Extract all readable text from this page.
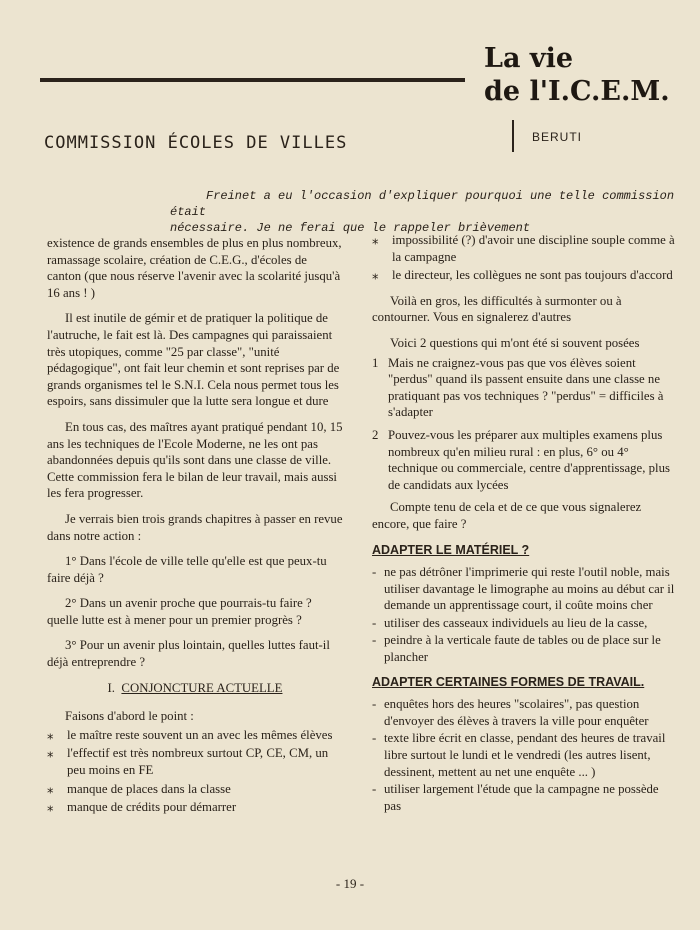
La vie
de l'I.C.E.M.
COMMISSION ÉCOLES DE VILLES	BERUTI

Freinet a eu l'occasion d'expliquer pourquoi une telle commission était

nécessaire. Je ne ferai que le rappeler brièvement

existence de grands ensembles de plus en plus nombreux, ramassage scolaire, création de C.E.G., d'écoles de canton (que nous réserve l'avenir avec la scolarité jusqu'à 16 ans ! )

Il est inutile de gémir et de pratiquer la politique de l'autruche, le fait est là. Des campagnes qui paraissaient très utopiques, comme "25 par classe", "unité pédagogique", ont fait leur chemin et sont reprises par de grands organismes tel le S.N.I. Cela nous permet tous les espoirs, sans dissimuler que la lutte sera longue et dure

En tous cas, des maîtres ayant pratiqué pendant 10, 15 ans les techniques de l'Ecole Moderne, ne les ont pas abandonnées depuis qu'ils sont dans une classe de ville. Cette commission fera le bilan de leur travail, mais aussi les fera progresser.

Je verrais bien trois grands chapitres à passer en revue dans notre action :

1° Dans l'école de ville telle qu'elle est que peux-tu faire déjà ?

2° Dans un avenir proche que pourrais-tu faire ? quelle lutte est à mener pour un premier progrès ?

3° Pour un avenir plus lointain, quelles luttes faut-il déjà entreprendre ?

I. CONJONCTURE ACTUELLE

Faisons d'abord le point :

⁎	le maître reste souvent un an avec les mêmes élèves

⁎	l'effectif est très nombreux surtout CP, CE, CM, un peu moins en FE

⁎	manque de places dans la classe

⁎	manque de crédits pour démarrer

⁎	impossibilité (?) d'avoir une discipline souple comme à la campagne

⁎	le directeur, les collègues ne sont pas toujours d'accord

Voilà en gros, les difficultés à surmonter ou à contourner. Vous en signalerez d'autres

Voici 2 questions qui m'ont été si souvent posées

1 Mais ne craignez-vous pas que vos élèves soient "perdus" quand ils passent ensuite dans une classe ne pratiquant pas vos techniques ? "perdus" = difficiles à s'adapter

2 Pouvez-vous les préparer aux multiples examens plus nombreux qu'en milieu rural : en plus, 6° ou 4° technique ou commerciale, centre d'apprentissage, plus de candidats aux lycées

Compte tenu de cela et de ce que vous signalerez encore, que faire ?

ADAPTER LE MATÉRIEL ?

- ne pas détrôner l'imprimerie qui reste l'outil noble, mais utiliser davantage le limographe au moins au début car il demande un apprentissage court, il coûte moins cher

- utiliser des casseaux individuels au lieu de la casse,

- peindre à la verticale faute de tables ou de place sur le plancher

ADAPTER CERTAINES FORMES DE TRAVAIL.

- enquêtes hors des heures "scolaires", pas question d'envoyer des élèves à travers la ville pour enquêter

- texte libre écrit en classe, pendant des heures de travail libre surtout le lundi et le vendredi (les autres lisent, dessinent, mettent au net une enquête ... )

- utiliser largement l'étude que la campagne ne possède pas

- 19 -
